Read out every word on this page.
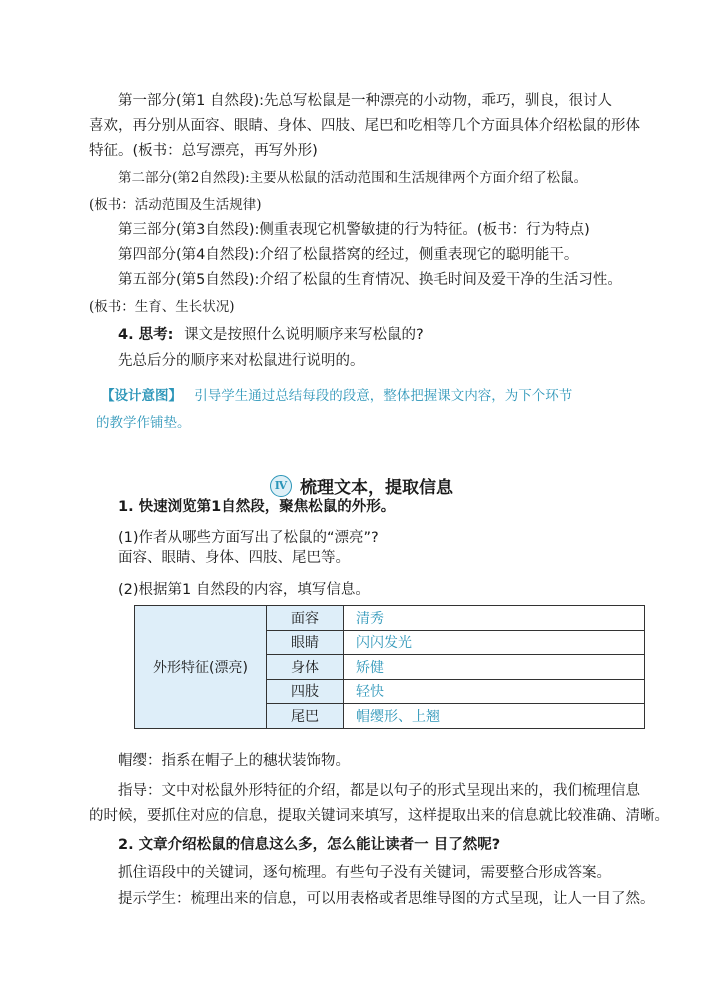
第一部分(第1 自然段):先总写松鼠是一种漂亮的小动物，乖巧，驯良，很讨人
喜欢，再分别从面容、眼睛、身体、四肢、尾巴和吃相等几个方面具体介绍松鼠的形体
特征。(板书：总写漂亮，再写外形)
第二部分(第2自然段):主要从松鼠的活动范围和生活规律两个方面介绍了松鼠。
(板书：活动范围及生活规律)
第三部分(第3自然段):侧重表现它机警敏捷的行为特征。(板书：行为特点)
第四部分(第4自然段):介绍了松鼠搭窝的经过，侧重表现它的聪明能干。
第五部分(第5自然段):介绍了松鼠的生育情况、换毛时间及爱干净的生活习性。
(板书：生育、生长状况)
4. 思考: 课文是按照什么说明顺序来写松鼠的?
先总后分的顺序来对松鼠进行说明的。
【设计意图】 引导学生通过总结每段的段意，整体把握课文内容，为下个环节
的教学作铺垫。
Ⅳ 梳理文本，提取信息
1. 快速浏览第1自然段，聚焦松鼠的外形。
(1)作者从哪些方面写出了松鼠的“漂亮”?
面容、眼睛、身体、四肢、尾巴等。
(2)根据第1 自然段的内容，填写信息。
外形特征(漂亮)	面容	清秀
	眼睛	闪闪发光
	身体	矫健
	四肢	轻快
	尾巴	帽缨形、上翘
帽缨：指系在帽子上的穗状装饰物。
指导：文中对松鼠外形特征的介绍，都是以句子的形式呈现出来的，我们梳理信息
的时候，要抓住对应的信息，提取关键词来填写，这样提取出来的信息就比较准确、清晰。
2. 文章介绍松鼠的信息这么多，怎么能让读者一 目了然呢?
抓住语段中的关键词，逐句梳理。有些句子没有关键词，需要整合形成答案。
提示学生：梳理出来的信息，可以用表格或者思维导图的方式呈现，让人一目了然。
